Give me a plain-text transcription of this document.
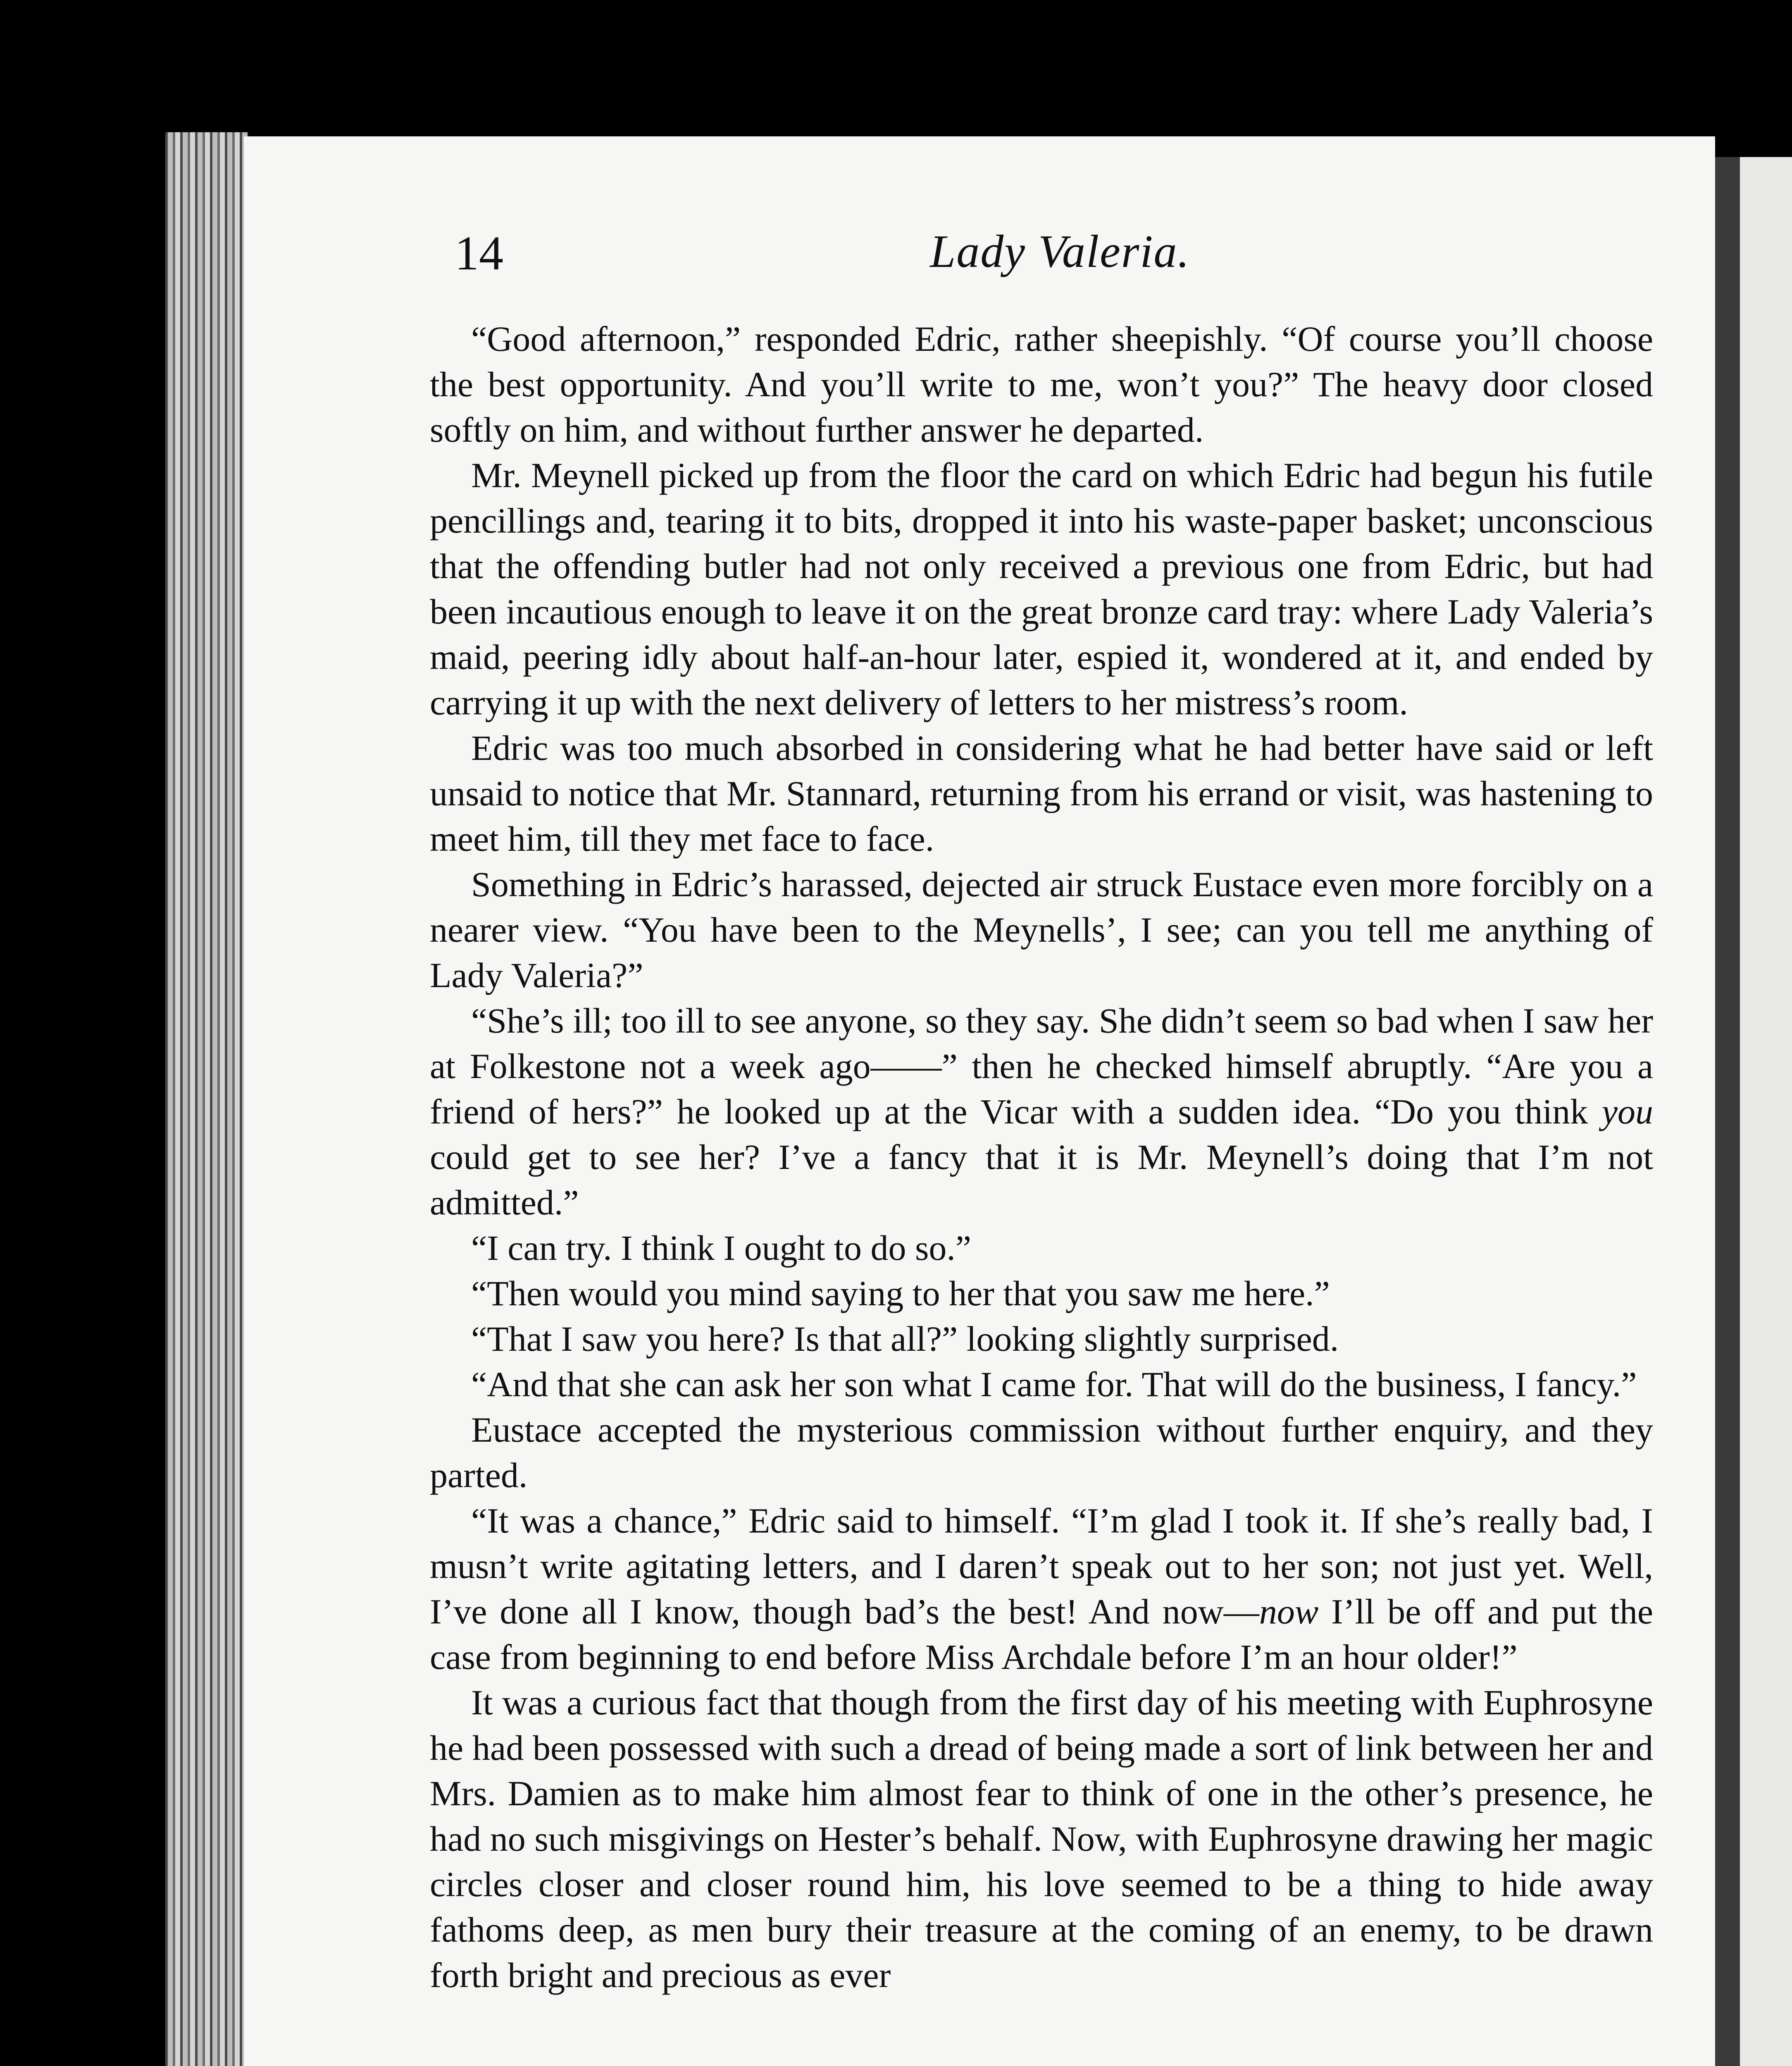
14	Lady Valeria.

“Good afternoon,” responded Edric, rather sheepishly. “Of course you’ll choose the best opportunity. And you’ll write to me, won’t you?” The heavy door closed softly on him, and without further answer he departed.

Mr. Meynell picked up from the floor the card on which Edric had begun his futile pencillings and, tearing it to bits, dropped it into his waste-paper basket; unconscious that the offending butler had not only received a previous one from Edric, but had been incautious enough to leave it on the great bronze card tray: where Lady Valeria’s maid, peering idly about half-an-hour later, espied it, wondered at it, and ended by carrying it up with the next delivery of letters to her mistress’s room.

Edric was too much absorbed in considering what he had better have said or left unsaid to notice that Mr. Stannard, returning from his errand or visit, was hastening to meet him, till they met face to face.

Something in Edric’s harassed, dejected air struck Eustace even more forcibly on a nearer view. “You have been to the Meynells’, I see; can you tell me anything of Lady Valeria?”

“She’s ill; too ill to see anyone, so they say. She didn’t seem so bad when I saw her at Folkestone not a week ago——” then he checked himself abruptly. “Are you a friend of hers?” he looked up at the Vicar with a sudden idea. “Do you think you could get to see her? I’ve a fancy that it is Mr. Meynell’s doing that I’m not admitted.”

“I can try. I think I ought to do so.”

“Then would you mind saying to her that you saw me here.”

“That I saw you here? Is that all?” looking slightly surprised.

“And that she can ask her son what I came for. That will do the business, I fancy.”

Eustace accepted the mysterious commission without further enquiry, and they parted.

“It was a chance,” Edric said to himself. “I’m glad I took it. If she’s really bad, I musn’t write agitating letters, and I daren’t speak out to her son; not just yet. Well, I’ve done all I know, though bad’s the best! And now—now I’ll be off and put the case from beginning to end before Miss Archdale before I’m an hour older!”

It was a curious fact that though from the first day of his meeting with Euphrosyne he had been possessed with such a dread of being made a sort of link between her and Mrs. Damien as to make him almost fear to think of one in the other’s presence, he had no such misgivings on Hester’s behalf. Now, with Euphrosyne drawing her magic circles closer and closer round him, his love seemed to be a thing to hide away fathoms deep, as men bury their treasure at the coming of an enemy, to be drawn forth bright and precious as ever
